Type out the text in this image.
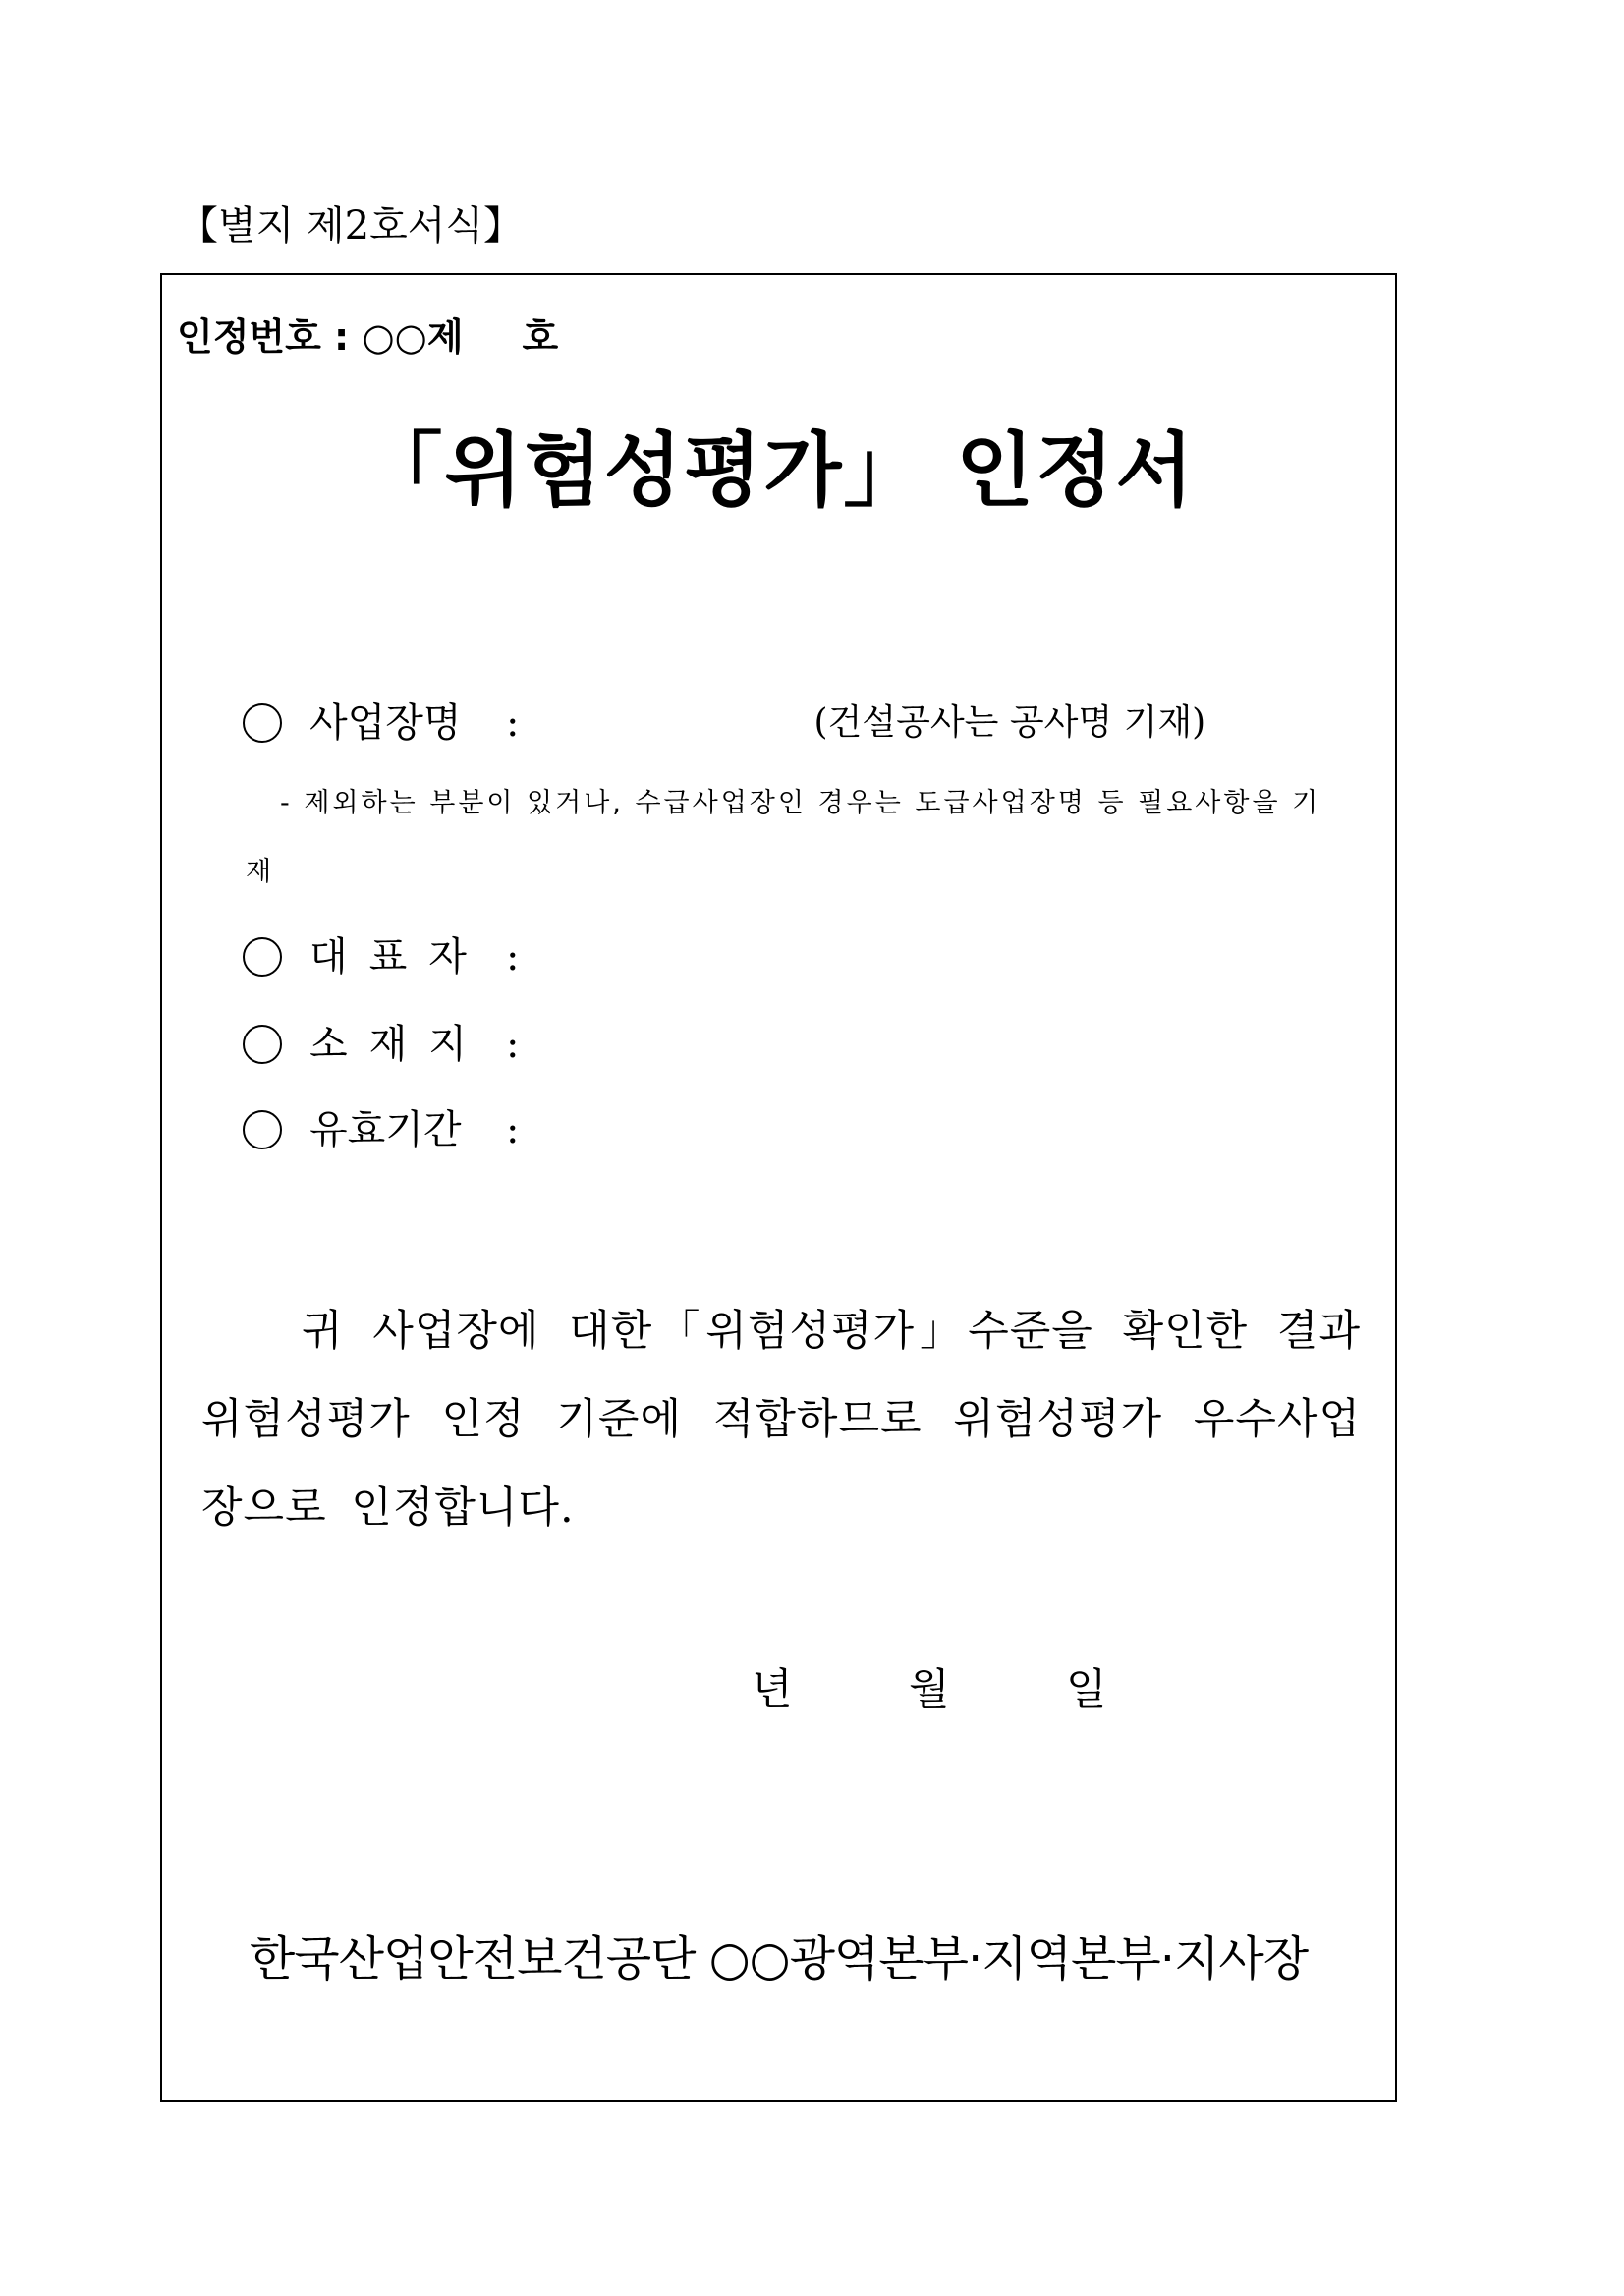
【별지 제2호서식】
인정번호 : ○○제 호
「위험성평가」 인정서
사업장명	:	(건설공사는 공사명 기재)
- 제외하는 부분이 있거나, 수급사업장인 경우는 도급사업장명 등 필요사항을 기
재
대표자 :
소재지 :
유효기간	:
귀 사업장에 대한「위험성평가」수준을 확인한 결과 위험성평가 인정 기준에 적합하므로 위험성평가 우수사업장으로 인정합니다.
년	월	일
한국산업안전보건공단 ○○광역본부·지역본부·지사장
